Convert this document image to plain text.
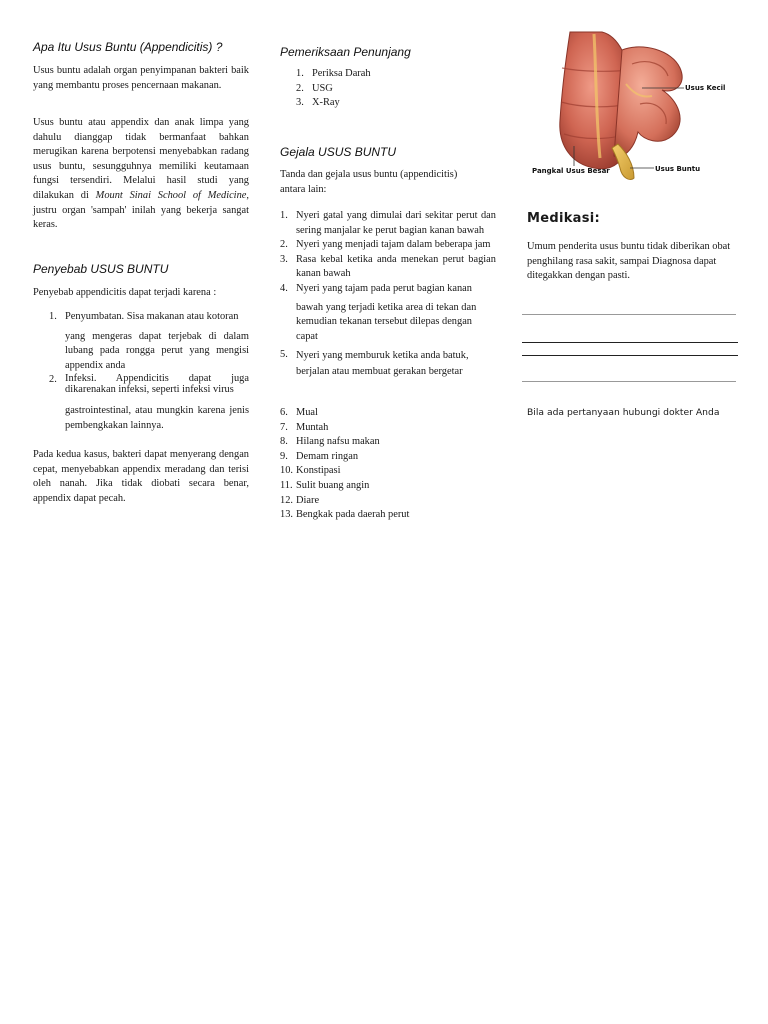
Apa Itu Usus Buntu (Appendicitis) ?

Usus buntu adalah organ penyimpanan bakteri baik yang membantu proses pencernaan makanan.

Usus buntu atau appendix dan anak limpa yang dahulu dianggap tidak bermanfaat bahkan merugikan karena berpotensi menyebabkan radang usus buntu, sesungguhnya memiliki keutamaan fungsi tersendiri. Melalui hasil studi yang dilakukan di Mount Sinai School of Medicine, justru organ 'sampah' inilah yang bekerja sangat keras.

Penyebab USUS BUNTU

Penyebab appendicitis dapat terjadi karena :

1. Penyumbatan. Sisa makanan atau kotoran
yang mengeras dapat terjebak di dalam lubang pada rongga perut yang mengisi appendix anda
2. Infeksi. Appendicitis dapat juga dikarenakan infeksi, seperti infeksi virus
gastrointestinal, atau mungkin karena jenis pembengkakan lainnya.

Pada kedua kasus, bakteri dapat menyerang dengan cepat, menyebabkan appendix meradang dan terisi oleh nanah. Jika tidak diobati secara benar, appendix dapat pecah.

Pemeriksaan Penunjang
1. Periksa Darah
2. USG
3. X-Ray
Gejala USUS BUNTU

Tanda dan gejala usus buntu (appendicitis) antara lain:

1. Nyeri gatal yang dimulai dari sekitar perut dan sering manjalar ke perut bagian kanan bawah
2. Nyeri yang menjadi tajam dalam beberapa jam
3. Rasa kebal ketika anda menekan perut bagian kanan bawah
4. Nyeri yang tajam pada perut bagian kanan
bawah yang terjadi ketika area di tekan dan kemudian tekanan tersebut dilepas dengan capat
5. Nyeri yang memburuk ketika anda batuk, berjalan atau membuat gerakan bergetar
6. Mual
7. Muntah
8. Hilang nafsu makan
9. Demam ringan
10. Konstipasi
11. Sulit buang angin
12. Diare
13. Bengkak pada daerah perut
Usus Kecil
Pangkal Usus Besar	Usus Buntu
Medikasi:

Umum penderita usus buntu tidak diberikan obat penghilang rasa sakit, sampai Diagnosa dapat ditegakkan dengan pasti.

Bila ada pertanyaan hubungi dokter Anda
